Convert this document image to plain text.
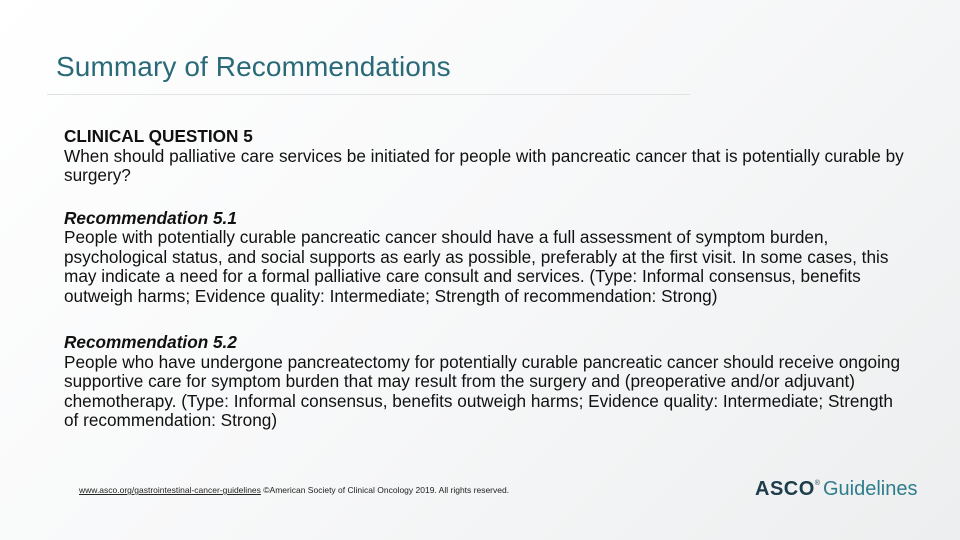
Summary of Recommendations
CLINICAL QUESTION 5
When should palliative care services be initiated for people with pancreatic cancer that is potentially curable by surgery?
Recommendation 5.1
People with potentially curable pancreatic cancer should have a full assessment of symptom burden, psychological status, and social supports as early as possible, preferably at the first visit. In some cases, this may indicate a need for a formal palliative care consult and services. (Type: Informal consensus, benefits outweigh harms; Evidence quality: Intermediate; Strength of recommendation: Strong)
Recommendation 5.2
People who have undergone pancreatectomy for potentially curable pancreatic cancer should receive ongoing supportive care for symptom burden that may result from the surgery and (preoperative and/or adjuvant) chemotherapy. (Type: Informal consensus, benefits outweigh harms; Evidence quality: Intermediate; Strength of recommendation: Strong)
www.asco.org/gastrointestinal-cancer-guidelines ©American Society of Clinical Oncology 2019. All rights reserved.	ASCO ® Guidelines
